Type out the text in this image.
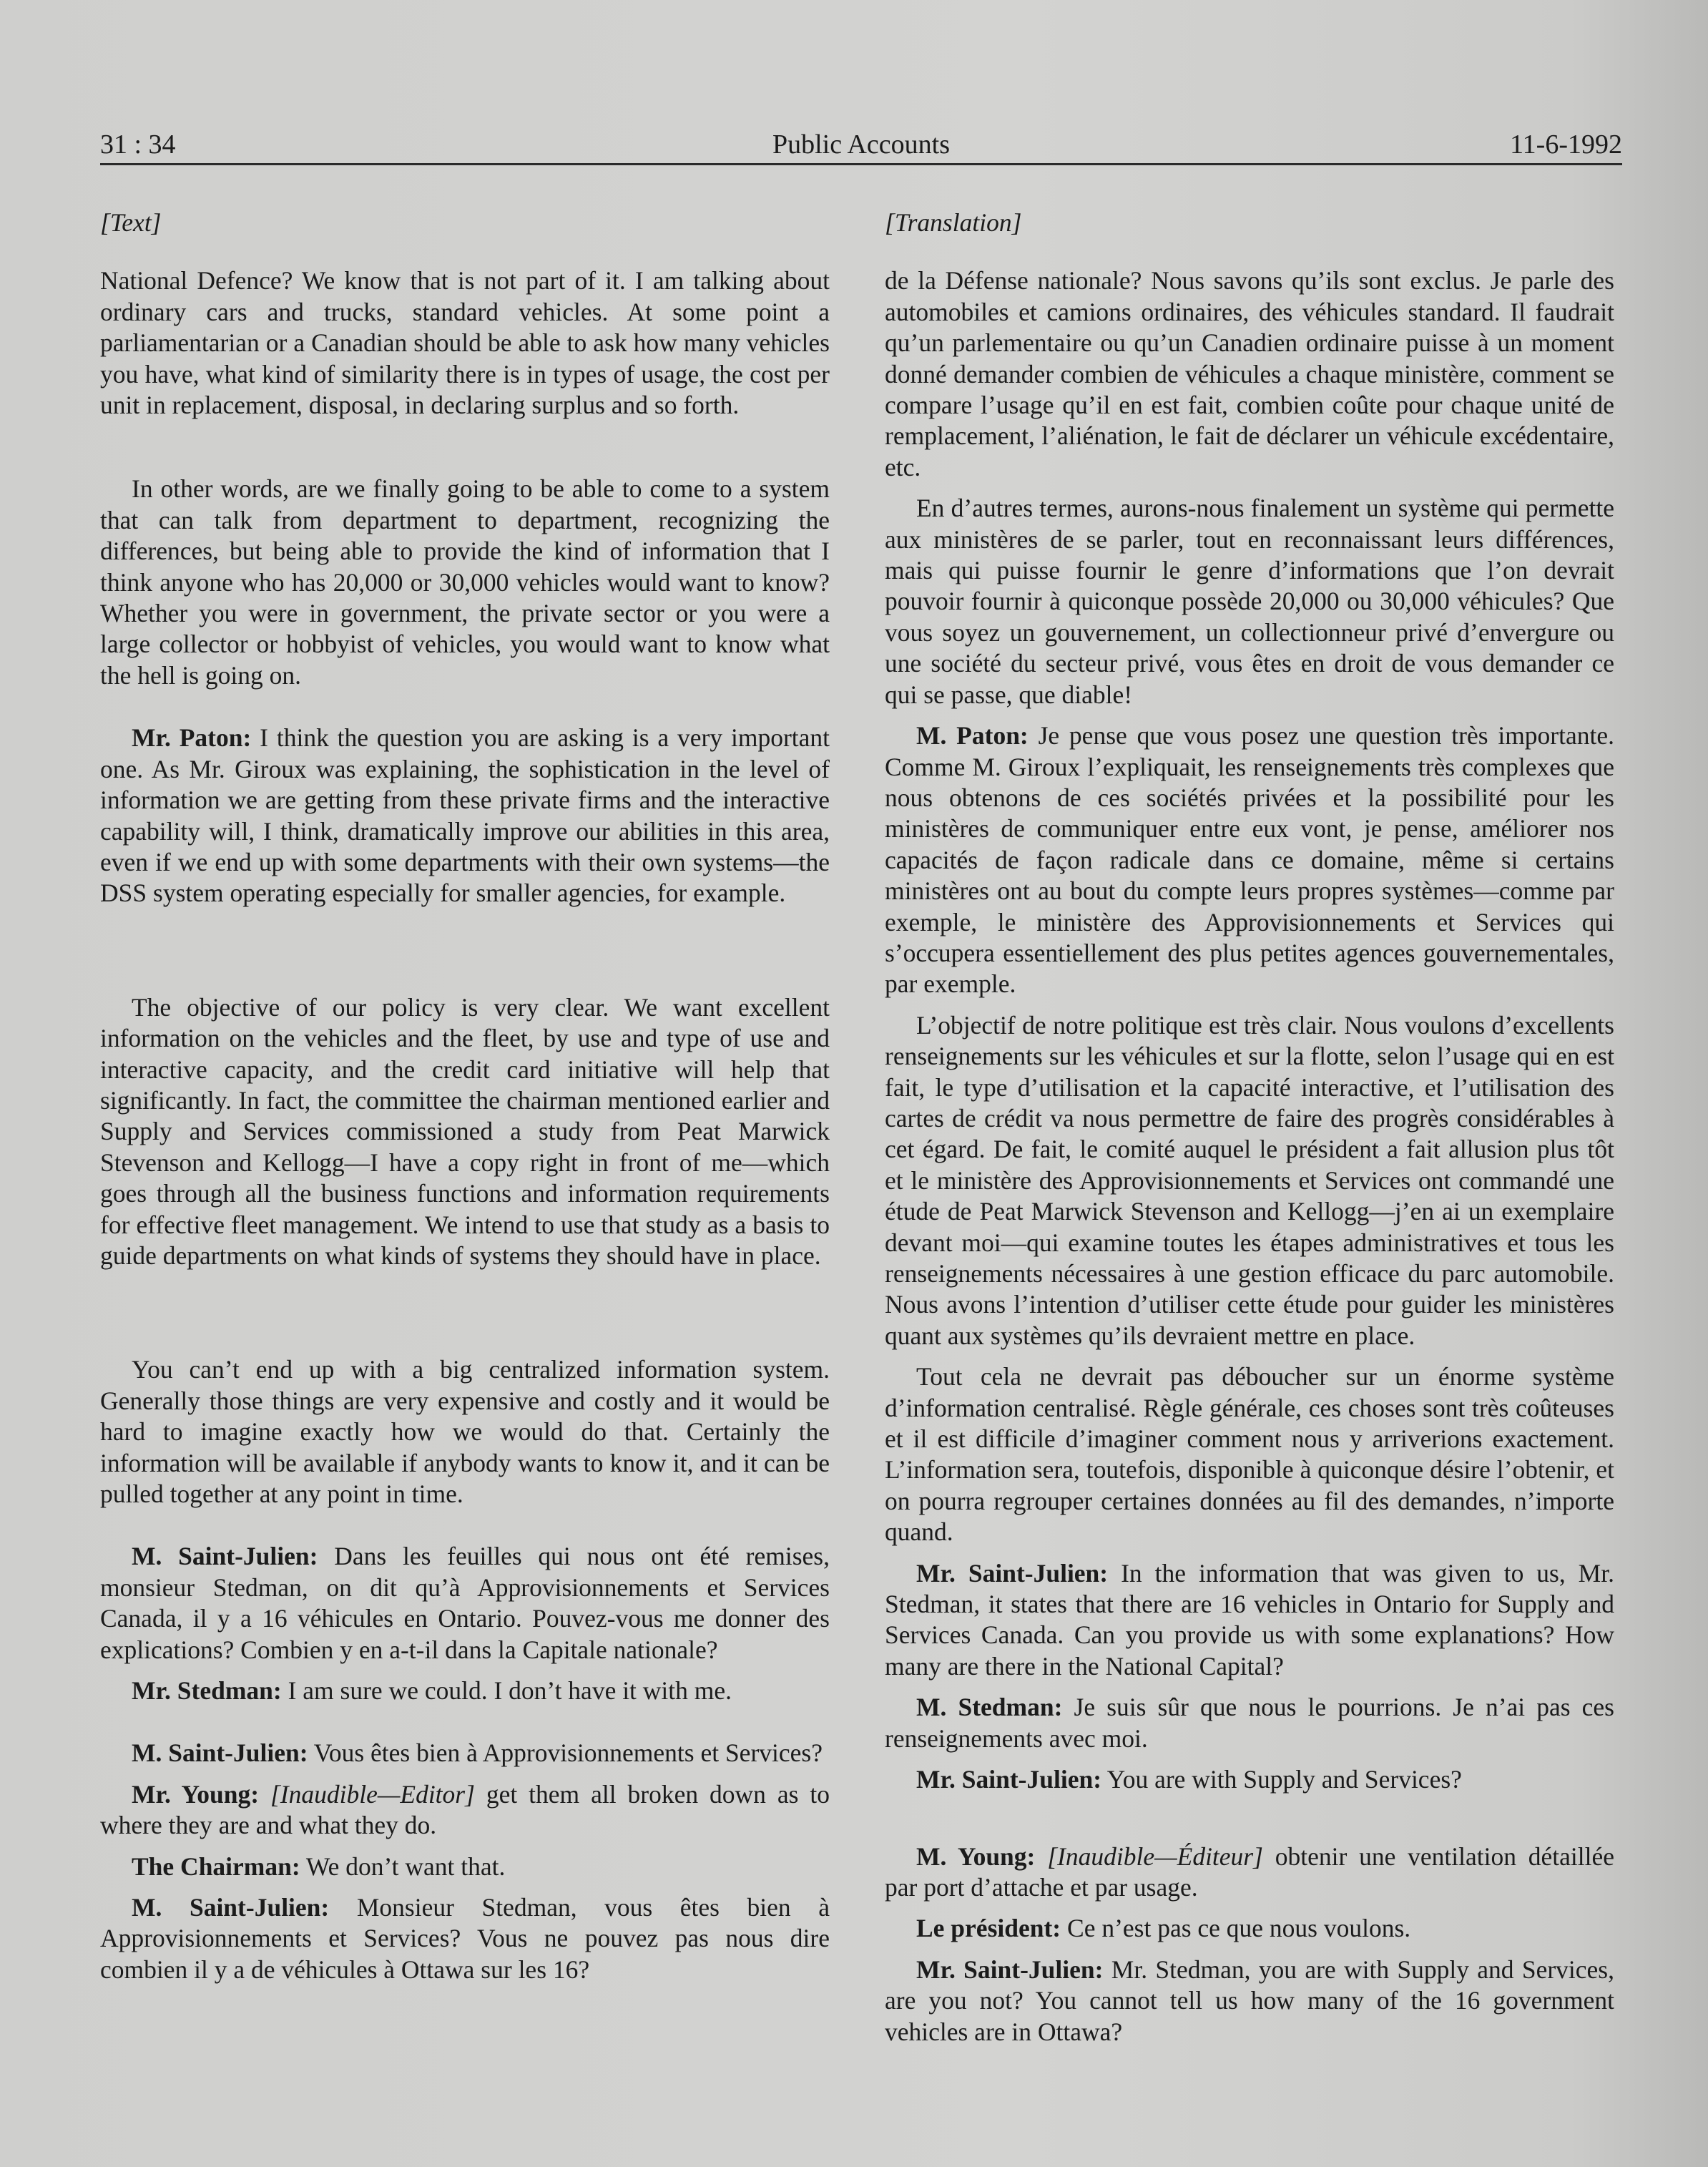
31 : 34	Public Accounts	11-6-1992

[Text]

National Defence? We know that is not part of it. I am talking about ordinary cars and trucks, standard vehicles. At some point a parliamentarian or a Canadian should be able to ask how many vehicles you have, what kind of similarity there is in types of usage, the cost per unit in replacement, disposal, in declaring surplus and so forth.

In other words, are we finally going to be able to come to a system that can talk from department to department, recognizing the differences, but being able to provide the kind of information that I think anyone who has 20,000 or 30,000 vehicles would want to know? Whether you were in government, the private sector or you were a large collector or hobbyist of vehicles, you would want to know what the hell is going on.

Mr. Paton: I think the question you are asking is a very important one. As Mr. Giroux was explaining, the sophistication in the level of information we are getting from these private firms and the interactive capability will, I think, dramatically improve our abilities in this area, even if we end up with some departments with their own systems—the DSS system operating especially for smaller agencies, for example.

The objective of our policy is very clear. We want excellent information on the vehicles and the fleet, by use and type of use and interactive capacity, and the credit card initiative will help that significantly. In fact, the committee the chairman mentioned earlier and Supply and Services commissioned a study from Peat Marwick Stevenson and Kellogg—I have a copy right in front of me—which goes through all the business functions and information requirements for effective fleet management. We intend to use that study as a basis to guide departments on what kinds of systems they should have in place.

You can’t end up with a big centralized information system. Generally those things are very expensive and costly and it would be hard to imagine exactly how we would do that. Certainly the information will be available if anybody wants to know it, and it can be pulled together at any point in time.

M. Saint-Julien: Dans les feuilles qui nous ont été remises, monsieur Stedman, on dit qu’à Approvisionnements et Services Canada, il y a 16 véhicules en Ontario. Pouvez-vous me donner des explications? Combien y en a-t-il dans la Capitale nationale?

Mr. Stedman: I am sure we could. I don’t have it with me.

M. Saint-Julien: Vous êtes bien à Approvisionnements et Services?

Mr. Young: [Inaudible—Editor] get them all broken down as to where they are and what they do.

The Chairman: We don’t want that.

M. Saint-Julien: Monsieur Stedman, vous êtes bien à Approvisionnements et Services? Vous ne pouvez pas nous dire combien il y a de véhicules à Ottawa sur les 16?

[Translation]

de la Défense nationale? Nous savons qu’ils sont exclus. Je parle des automobiles et camions ordinaires, des véhicules standard. Il faudrait qu’un parlementaire ou qu’un Canadien ordinaire puisse à un moment donné demander combien de véhicules a chaque ministère, comment se compare l’usage qu’il en est fait, combien coûte pour chaque unité de remplacement, l’aliénation, le fait de déclarer un véhicule excédentaire, etc.

En d’autres termes, aurons-nous finalement un système qui permette aux ministères de se parler, tout en reconnaissant leurs différences, mais qui puisse fournir le genre d’informations que l’on devrait pouvoir fournir à quiconque possède 20,000 ou 30,000 véhicules? Que vous soyez un gouvernement, un collectionneur privé d’envergure ou une société du secteur privé, vous êtes en droit de vous demander ce qui se passe, que diable!

M. Paton: Je pense que vous posez une question très importante. Comme M. Giroux l’expliquait, les renseignements très complexes que nous obtenons de ces sociétés privées et la possibilité pour les ministères de communiquer entre eux vont, je pense, améliorer nos capacités de façon radicale dans ce domaine, même si certains ministères ont au bout du compte leurs propres systèmes—comme par exemple, le ministère des Approvisionnements et Services qui s’occupera essentiellement des plus petites agences gouvernementales, par exemple.

L’objectif de notre politique est très clair. Nous voulons d’excellents renseignements sur les véhicules et sur la flotte, selon l’usage qui en est fait, le type d’utilisation et la capacité interactive, et l’utilisation des cartes de crédit va nous permettre de faire des progrès considérables à cet égard. De fait, le comité auquel le président a fait allusion plus tôt et le ministère des Approvisionnements et Services ont commandé une étude de Peat Marwick Stevenson and Kellogg—j’en ai un exemplaire devant moi—qui examine toutes les étapes administratives et tous les renseignements nécessaires à une gestion efficace du parc automobile. Nous avons l’intention d’utiliser cette étude pour guider les ministères quant aux systèmes qu’ils devraient mettre en place.

Tout cela ne devrait pas déboucher sur un énorme système d’information centralisé. Règle générale, ces choses sont très coûteuses et il est difficile d’imaginer comment nous y arriverions exactement. L’information sera, toutefois, disponible à quiconque désire l’obtenir, et on pourra regrouper certaines données au fil des demandes, n’importe quand.

Mr. Saint-Julien: In the information that was given to us, Mr. Stedman, it states that there are 16 vehicles in Ontario for Supply and Services Canada. Can you provide us with some explanations? How many are there in the National Capital?

M. Stedman: Je suis sûr que nous le pourrions. Je n’ai pas ces renseignements avec moi.

Mr. Saint-Julien: You are with Supply and Services?

M. Young: [Inaudible—Éditeur] obtenir une ventilation détaillée par port d’attache et par usage.

Le président: Ce n’est pas ce que nous voulons.

Mr. Saint-Julien: Mr. Stedman, you are with Supply and Services, are you not? You cannot tell us how many of the 16 government vehicles are in Ottawa?
